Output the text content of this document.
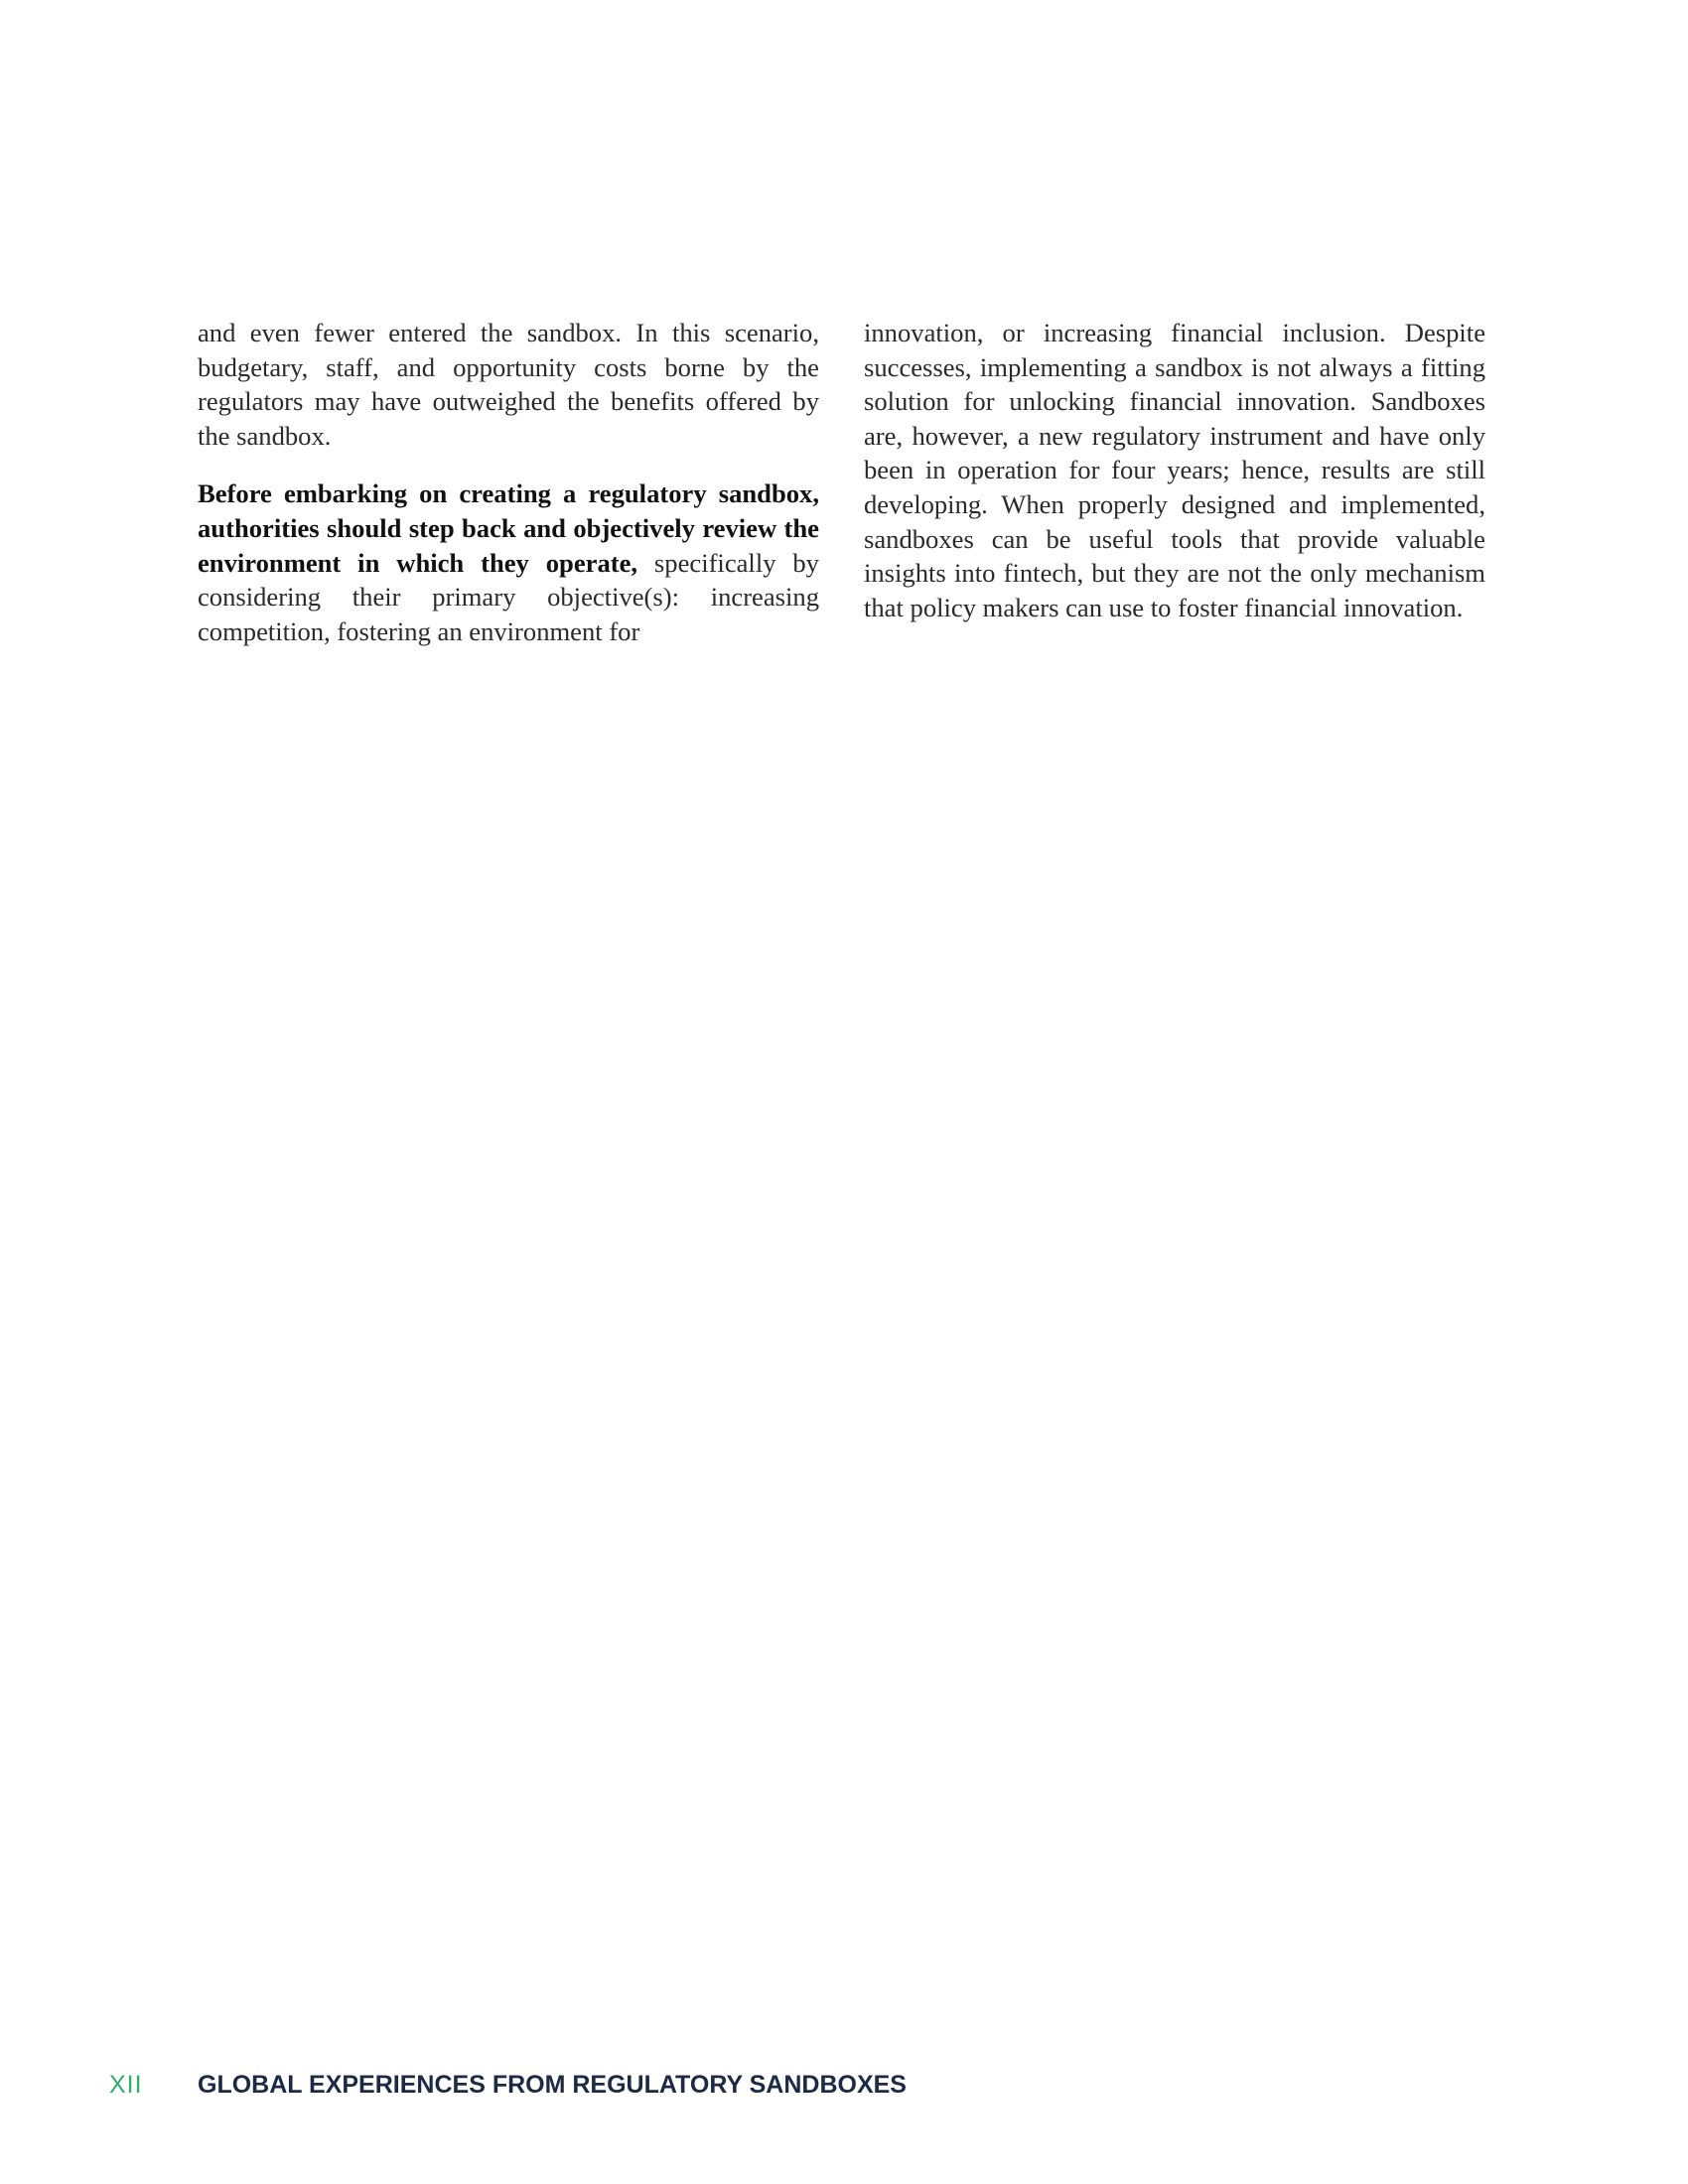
and even fewer entered the sandbox. In this scenario, budgetary, staff, and opportunity costs borne by the regulators may have outweighed the benefits offered by the sandbox.

Before embarking on creating a regulatory sandbox, authorities should step back and objectively review the environment in which they operate, specifically by considering their primary objective(s): increasing competition, fostering an environment for

innovation, or increasing financial inclusion. Despite successes, implementing a sandbox is not always a fitting solution for unlocking financial innovation. Sandboxes are, however, a new regulatory instrument and have only been in operation for four years; hence, results are still developing. When properly designed and implemented, sandboxes can be useful tools that provide valuable insights into fintech, but they are not the only mechanism that policy makers can use to foster financial innovation.

XII GLOBAL EXPERIENCES FROM REGULATORY SANDBOXES
